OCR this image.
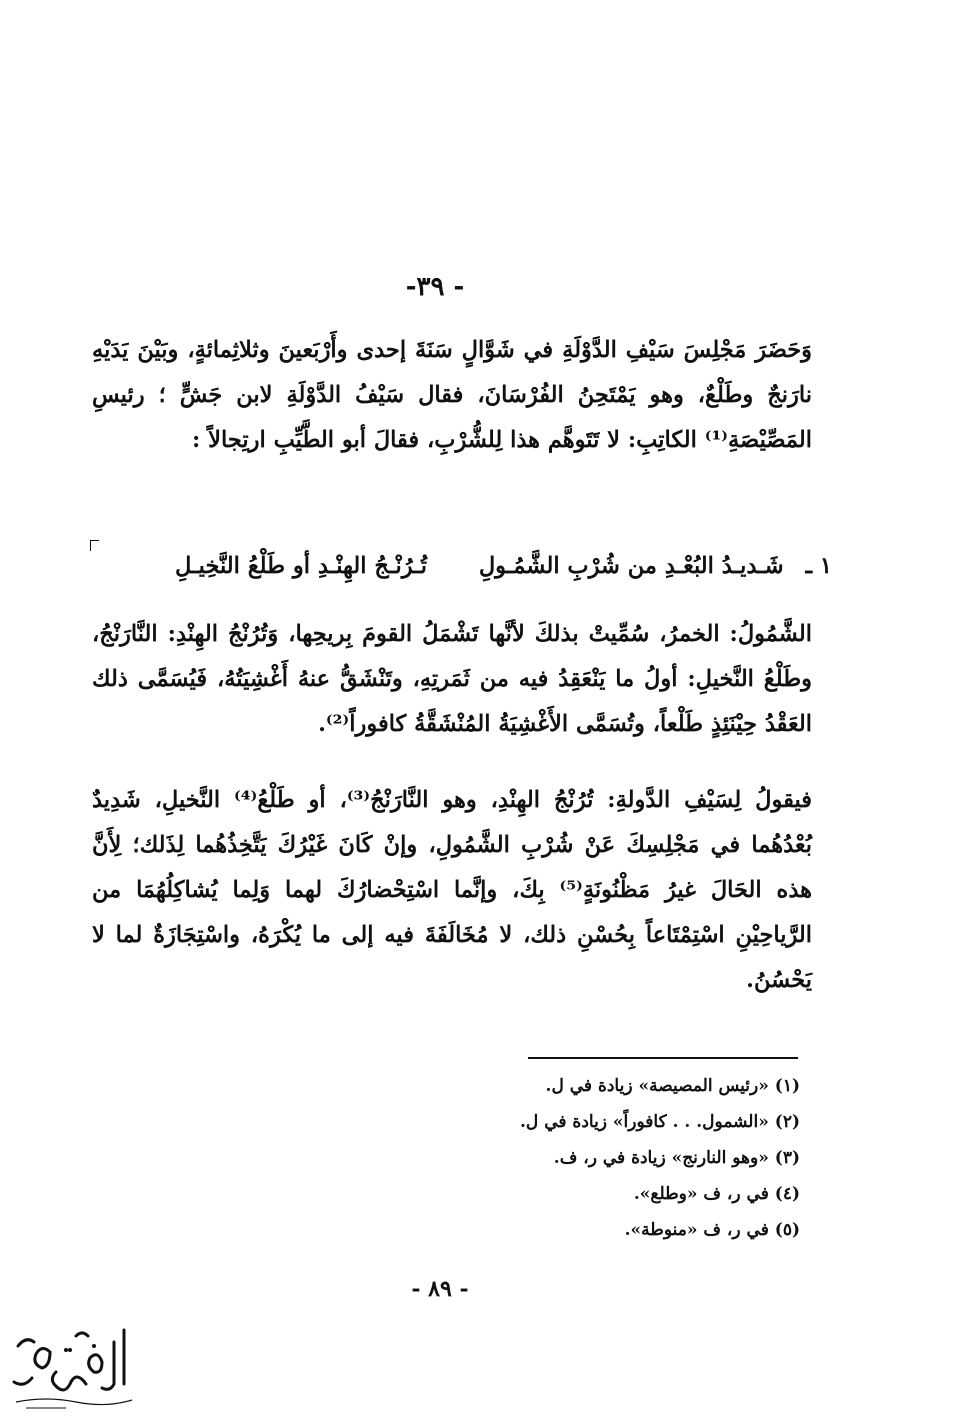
- ٣٩-
وَحَضَرَ مَجْلِسَ سَيْفِ الدَّوْلَةِ في شَوَّالٍ سَنَةَ إحدى وأَرْبَعينَ وثلاثِمائةٍ، وبَيْنَ يَدَيْهِ نارَنجٌ وطَلْعٌ، وهو يَمْتَحِنُ الفُرْسَانَ، فقال سَيْفُ الدَّوْلَةِ لابن جَشٍّ ؛ رئيسِ المَصِّيْصَةِ⁽¹⁾ الكاتِبِ: لا تَتَوهَّم هذا لِلشُّرْبِ، فقالَ أبو الطَّيِّبِ ارتِجالاً :
١ ـ شَـديـدُ البُعْـدِ من شُرْبِ الشَّمُـولِ تُـرُنْـجُ الهِنْـدِ أو طَلْعُ النَّخِيـلِ
الشَّمُولُ: الخمرُ، سُمِّيتْ بذلكَ لأنَّها تَشْمَلُ القومَ بِريحِها، وَتُرُنْجُ الهِنْدِ: النَّارَنْجُ، وطَلْعُ النَّخيلِ: أولُ ما يَنْعَقِدُ فيه من ثَمَرتِهِ، وتَنْشَقُّ عنهُ أَغْشِيَتُهُ، فَيُسَمَّى ذلك العَقْدُ حِيْنَئِذٍ طَلْعاً، وتُسَمَّى الأَغْشِيَةُ المُنْشَقَّةُ كافوراً⁽²⁾.
فيقولُ لِسَيْفِ الدَّولةِ: تُرُنْجُ الهِنْدِ، وهو النَّارَنْجُ⁽³⁾، أو طَلْعُ⁽⁴⁾ النَّخيلِ، شَدِيدٌ بُعْدُهُما في مَجْلِسِكَ عَنْ شُرْبِ الشَّمُولِ، وإنْ كَانَ غَيْرُكَ يَتَّخِذُهُما لِذَلك؛ لِأَنَّ هذه الحَالَ غيرُ مَظْنُونَةٍ⁽⁵⁾ بِكَ، وإنَّما اسْتِحْضارُكَ لهما وَلِما يُشاكِلُهُمَا من الرَّياحِيْنِ اسْتِمْتَاعاً بِحُسْنِ ذلك، لا مُخَالَفَةَ فيه إلى ما يُكْرَهُ، واسْتِجَازَةٌ لما لا يَحْسُنُ.
(١) «رئيس المصيصة» زيادة في ل.
(٢) «الشمول. . . كافوراً» زيادة في ل.
(٣) «وهو النارنج» زيادة في ر، ف.
(٤) في ر، ف «وطلع».
(٥) في ر، ف «منوطة».
- ٨٩ -
